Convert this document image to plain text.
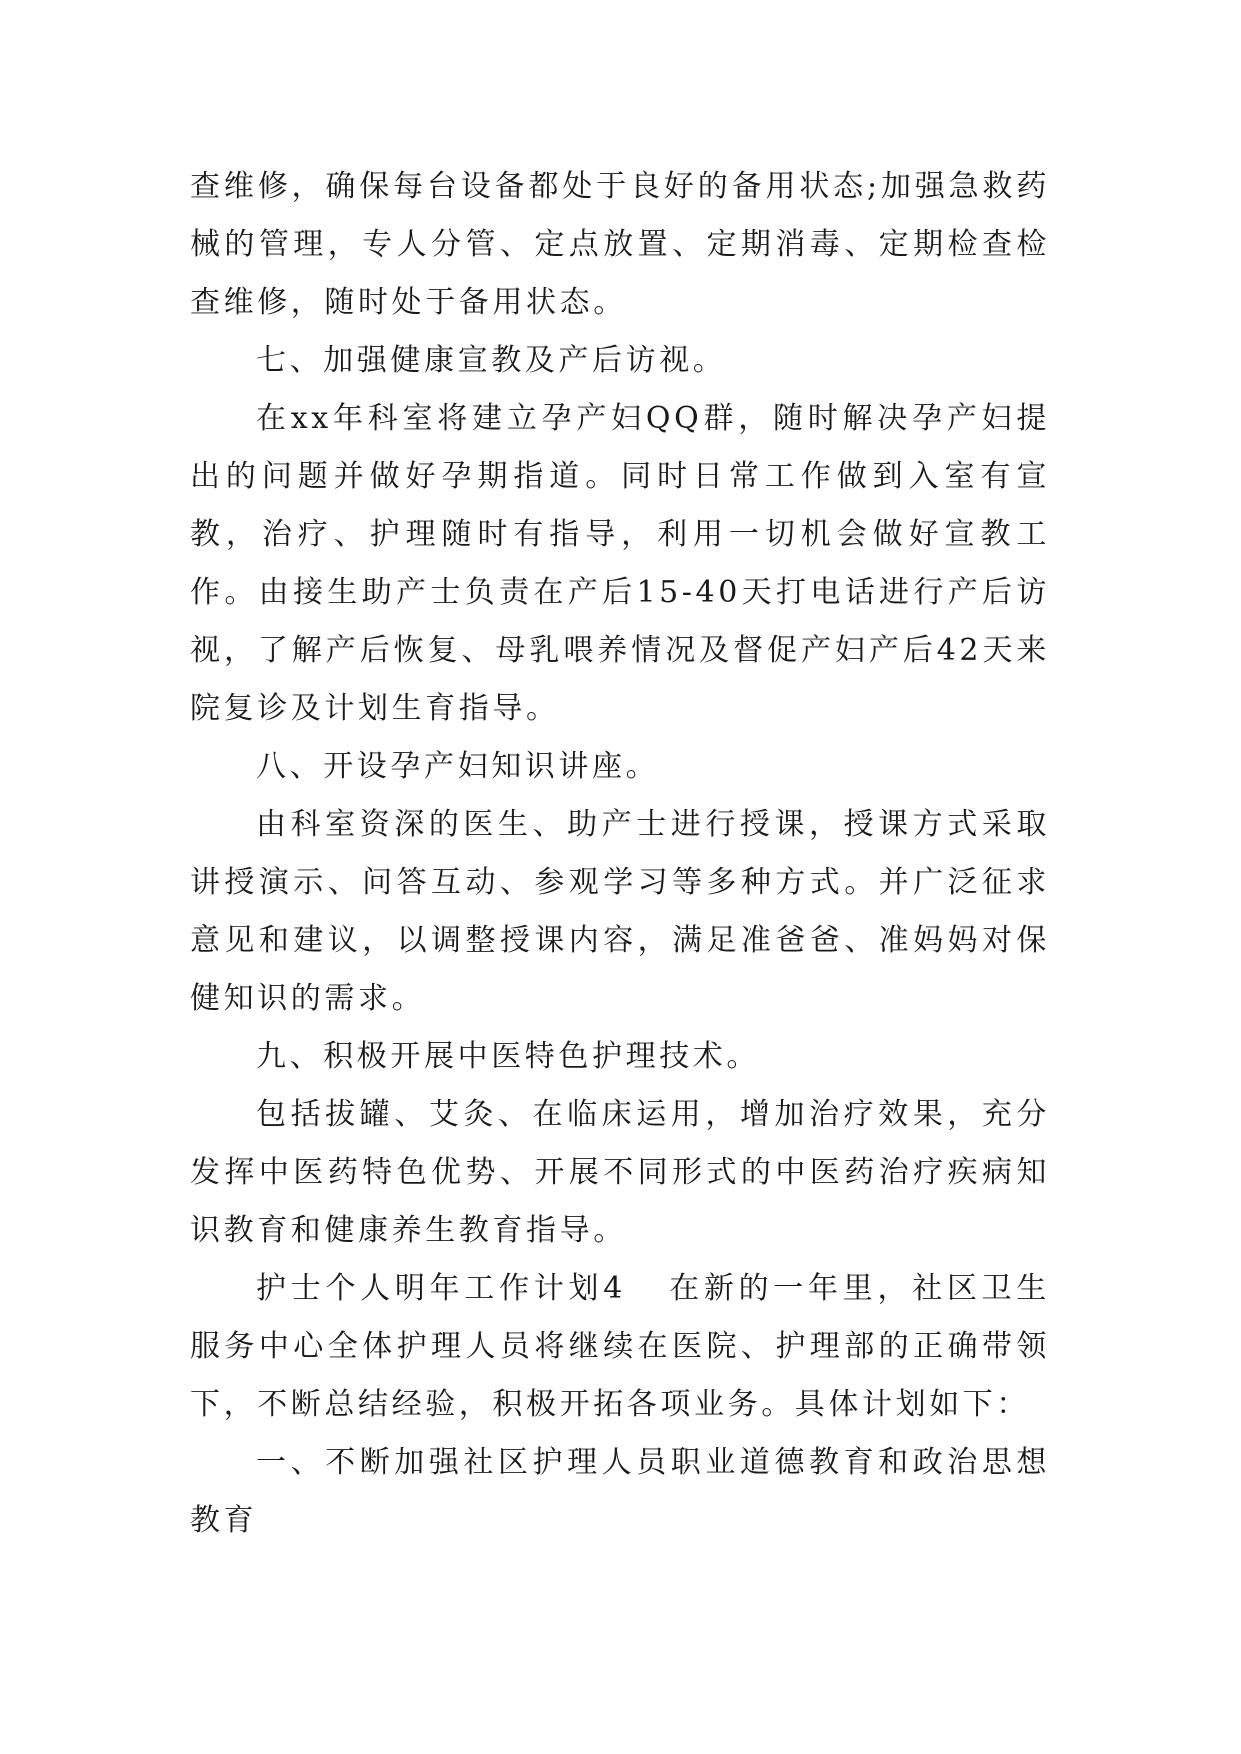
查维修，确保每台设备都处于良好的备用状态;加强急救药械的管理，专人分管、定点放置、定期消毒、定期检查检查维修，随时处于备用状态。

七、加强健康宣教及产后访视。

在xx年科室将建立孕产妇QQ群，随时解决孕产妇提出的问题并做好孕期指道。同时日常工作做到入室有宣教，治疗、护理随时有指导，利用一切机会做好宣教工作。由接生助产士负责在产后15-40天打电话进行产后访视，了解产后恢复、母乳喂养情况及督促产妇产后42天来院复诊及计划生育指导。

八、开设孕产妇知识讲座。

由科室资深的医生、助产士进行授课，授课方式采取讲授演示、问答互动、参观学习等多种方式。并广泛征求意见和建议，以调整授课内容，满足准爸爸、准妈妈对保健知识的需求。

九、积极开展中医特色护理技术。

包括拔罐、艾灸、在临床运用，增加治疗效果，充分发挥中医药特色优势、开展不同形式的中医药治疗疾病知识教育和健康养生教育指导。

护士个人明年工作计划4 在新的一年里，社区卫生服务中心全体护理人员将继续在医院、护理部的正确带领下，不断总结经验，积极开拓各项业务。具体计划如下：

一、不断加强社区护理人员职业道德教育和政治思想教育
